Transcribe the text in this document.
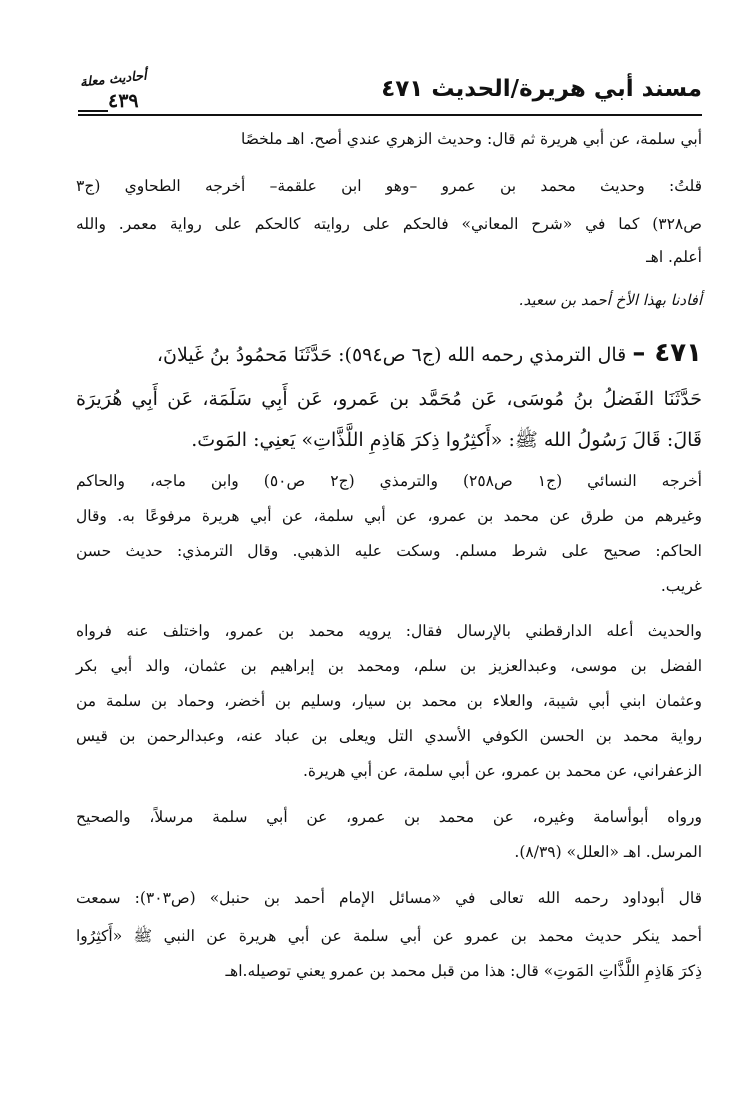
مسند أبي هريرة/الحديث ٤٧١
أحاديث معلة
٤٣٩
أبي سلمة، عن أبي هريرة ثم قال: وحديث الزهري عندي أصح. اهـ ملخصًا
قلتُ: وحديث محمد بن عمرو –وهو ابن علقمة– أخرجه الطحاوي (ج٣
ص٣٢٨) كما في «شرح المعاني» فالحكم على روايته كالحكم على رواية معمر. والله
أعلم. اهـ
أفادنا بهذا الأخ أحمد بن سعيد.
٤٧١ – قال الترمذي رحمه الله (ج٦ ص٥٩٤): حَدَّثَنَا مَحمُودُ بنُ غَيلانَ،
حَدَّثَنَا الفَضلُ بنُ مُوسَى، عَن مُحَمَّد بن عَمرو، عَن أَبِي سَلَمَة، عَن أَبِي هُرَيرَة
قَالَ: قَالَ رَسُولُ الله ﷺ: «أَكثِرُوا ذِكرَ هَاذِمِ اللَّذَّاتِ» يَعنِي: المَوتَ.
أخرجه النسائي (ج١ ص٢٥٨) والترمذي (ج٢ ص٥٠) وابن ماجه، والحاكم
وغيرهم من طرق عن محمد بن عمرو، عن أبي سلمة، عن أبي هريرة مرفوعًا به. وقال
الحاكم: صحيح على شرط مسلم. وسكت عليه الذهبي. وقال الترمذي: حديث حسن
غريب.
والحديث أعله الدارقطني بالإرسال فقال: يرويه محمد بن عمرو، واختلف عنه فرواه
الفضل بن موسى، وعبدالعزيز بن سلم، ومحمد بن إبراهيم بن عثمان، والد أبي بكر
وعثمان ابني أبي شيبة، والعلاء بن محمد بن سيار، وسليم بن أخضر، وحماد بن سلمة من
رواية محمد بن الحسن الكوفي الأسدي التل ويعلى بن عباد عنه، وعبدالرحمن بن قيس
الزعفراني، عن محمد بن عمرو، عن أبي سلمة، عن أبي هريرة.
ورواه أبوأسامة وغيره، عن محمد بن عمرو، عن أبي سلمة مرسلاً، والصحيح
المرسل. اهـ «العلل» (٨/٣٩).
قال أبوداود رحمه الله تعالى في «مسائل الإمام أحمد بن حنبل» (ص٣٠٣): سمعت
أحمد ينكر حديث محمد بن عمرو عن أبي سلمة عن أبي هريرة عن النبي ﷺ «أَكثِرُوا
ذِكرَ هَاذِمِ اللَّذَّاتِ المَوتِ» قال: هذا من قبل محمد بن عمرو يعني توصيله.اهـ
